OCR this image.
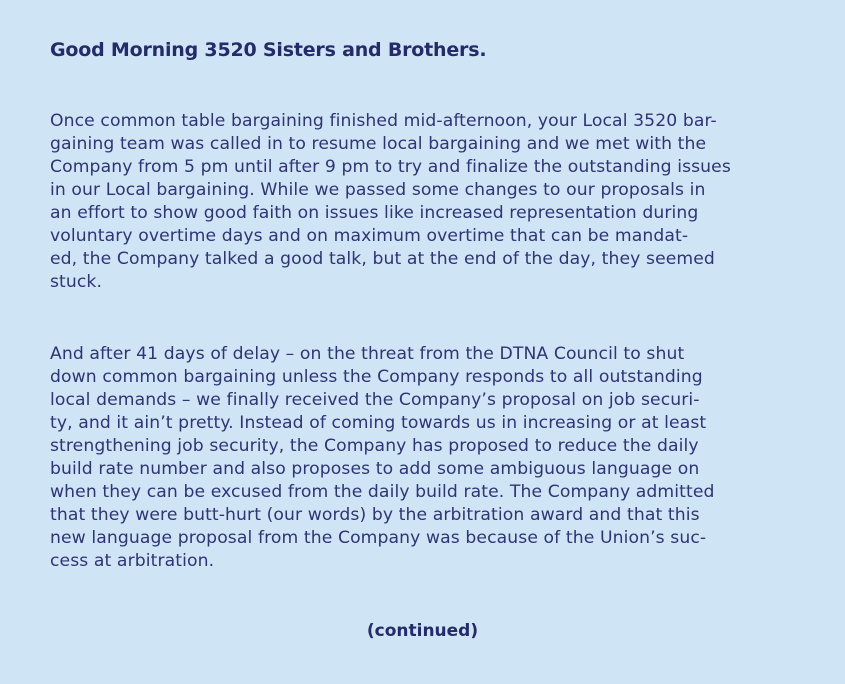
Good Morning 3520 Sisters and Brothers.

Once common table bargaining finished mid-afternoon, your Local 3520 bar-
gaining team was called in to resume local bargaining and we met with the
Company from 5 pm until after 9 pm to try and finalize the outstanding issues
in our Local bargaining. While we passed some changes to our proposals in
an effort to show good faith on issues like increased representation during
voluntary overtime days and on maximum overtime that can be mandat-
ed, the Company talked a good talk, but at the end of the day, they seemed
stuck.

And after 41 days of delay – on the threat from the DTNA Council to shut
down common bargaining unless the Company responds to all outstanding
local demands – we finally received the Company’s proposal on job securi-
ty, and it ain’t pretty. Instead of coming towards us in increasing or at least
strengthening job security, the Company has proposed to reduce the daily
build rate number and also proposes to add some ambiguous language on
when they can be excused from the daily build rate. The Company admitted
that they were butt-hurt (our words) by the arbitration award and that this
new language proposal from the Company was because of the Union’s suc-
cess at arbitration.

(continued)
